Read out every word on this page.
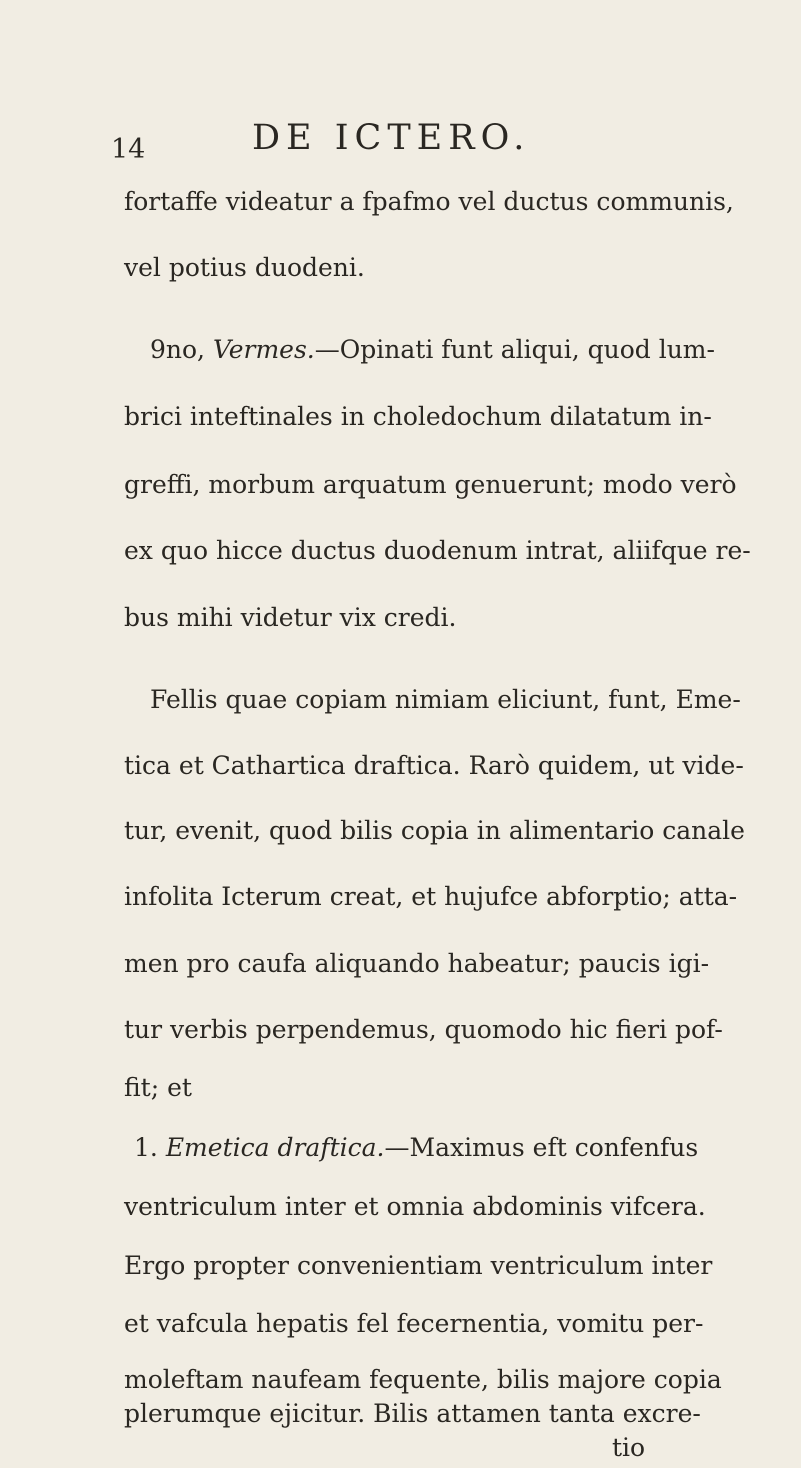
14	DE ICTERO.
fortaffe videatur a fpafmo vel ductus communis,
vel potius duodeni.
9no, Vermes.—Opinati funt aliqui, quod lum-
brici inteftinales in choledochum dilatatum in-
greffi, morbum arquatum genuerunt; modo verò
ex quo hicce ductus duodenum intrat, aliifque re-
bus mihi videtur vix credi.
Fellis quae copiam nimiam eliciunt, funt, Eme-
tica et Cathartica draftica. Rarò quidem, ut vide-
tur, evenit, quod bilis copia in alimentario canale
infolita Icterum creat, et hujufce abforptio; atta-
men pro caufa aliquando habeatur; paucis igi-
tur verbis perpendemus, quomodo hic fieri pof-
fit; et
1. Emetica draftica.—Maximus eft confenfus
ventriculum inter et omnia abdominis vifcera.
Ergo propter convenientiam ventriculum inter
et vafcula hepatis fel fecernentia, vomitu per-
moleftam naufeam fequente, bilis majore copia
plerumque ejicitur. Bilis attamen tanta excre-
tio
